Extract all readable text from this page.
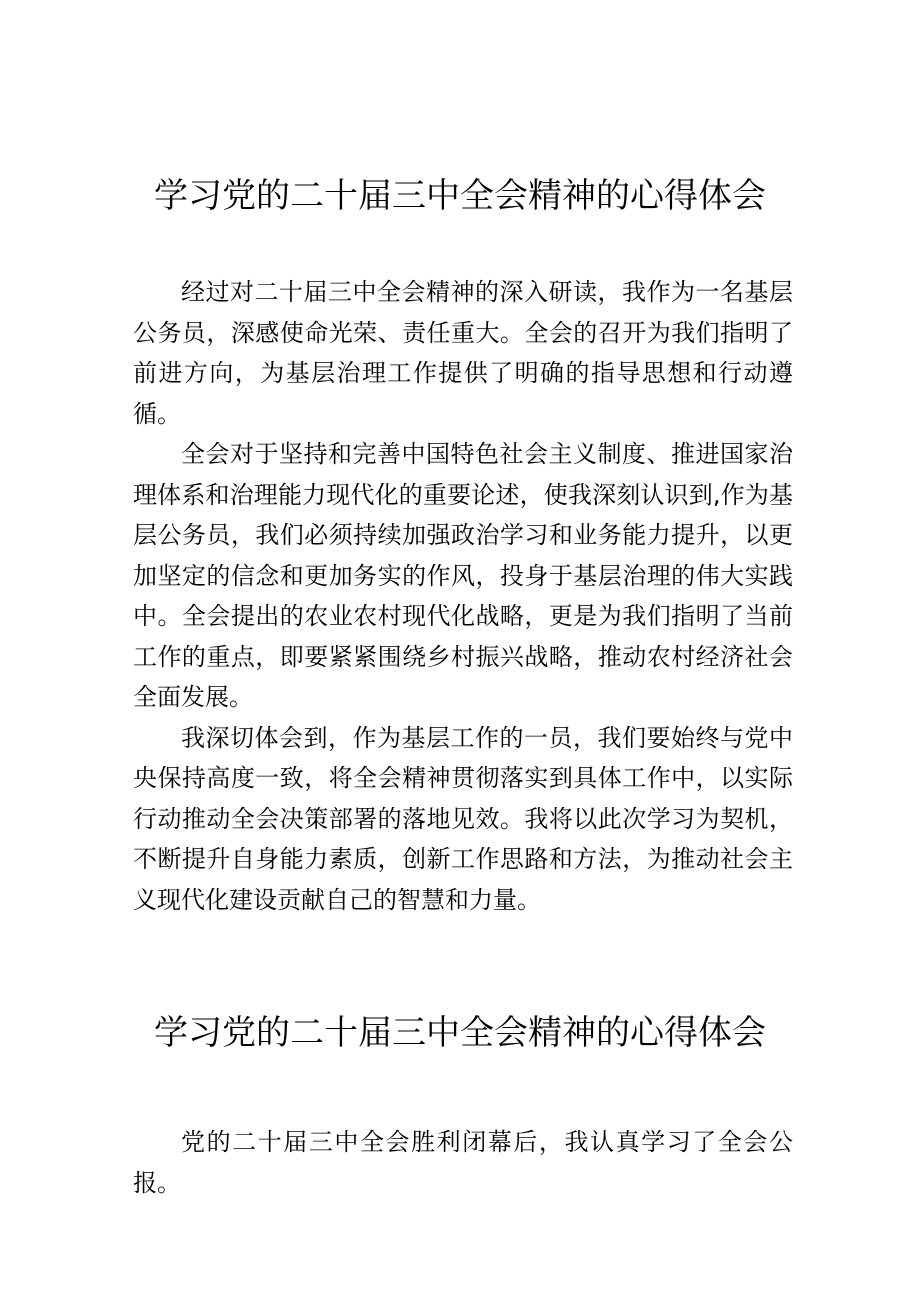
学习党的二十届三中全会精神的心得体会

经过对二十届三中全会精神的深入研读，我作为一名基层公务员，深感使命光荣、责任重大。全会的召开为我们指明了前进方向，为基层治理工作提供了明确的指导思想和行动遵循。

全会对于坚持和完善中国特色社会主义制度、推进国家治理体系和治理能力现代化的重要论述，使我深刻认识到,作为基层公务员，我们必须持续加强政治学习和业务能力提升，以更加坚定的信念和更加务实的作风，投身于基层治理的伟大实践中。全会提出的农业农村现代化战略，更是为我们指明了当前工作的重点，即要紧紧围绕乡村振兴战略，推动农村经济社会全面发展。

我深切体会到，作为基层工作的一员，我们要始终与党中央保持高度一致，将全会精神贯彻落实到具体工作中，以实际行动推动全会决策部署的落地见效。我将以此次学习为契机，不断提升自身能力素质，创新工作思路和方法，为推动社会主义现代化建设贡献自己的智慧和力量。

学习党的二十届三中全会精神的心得体会

党的二十届三中全会胜利闭幕后，我认真学习了全会公报。
